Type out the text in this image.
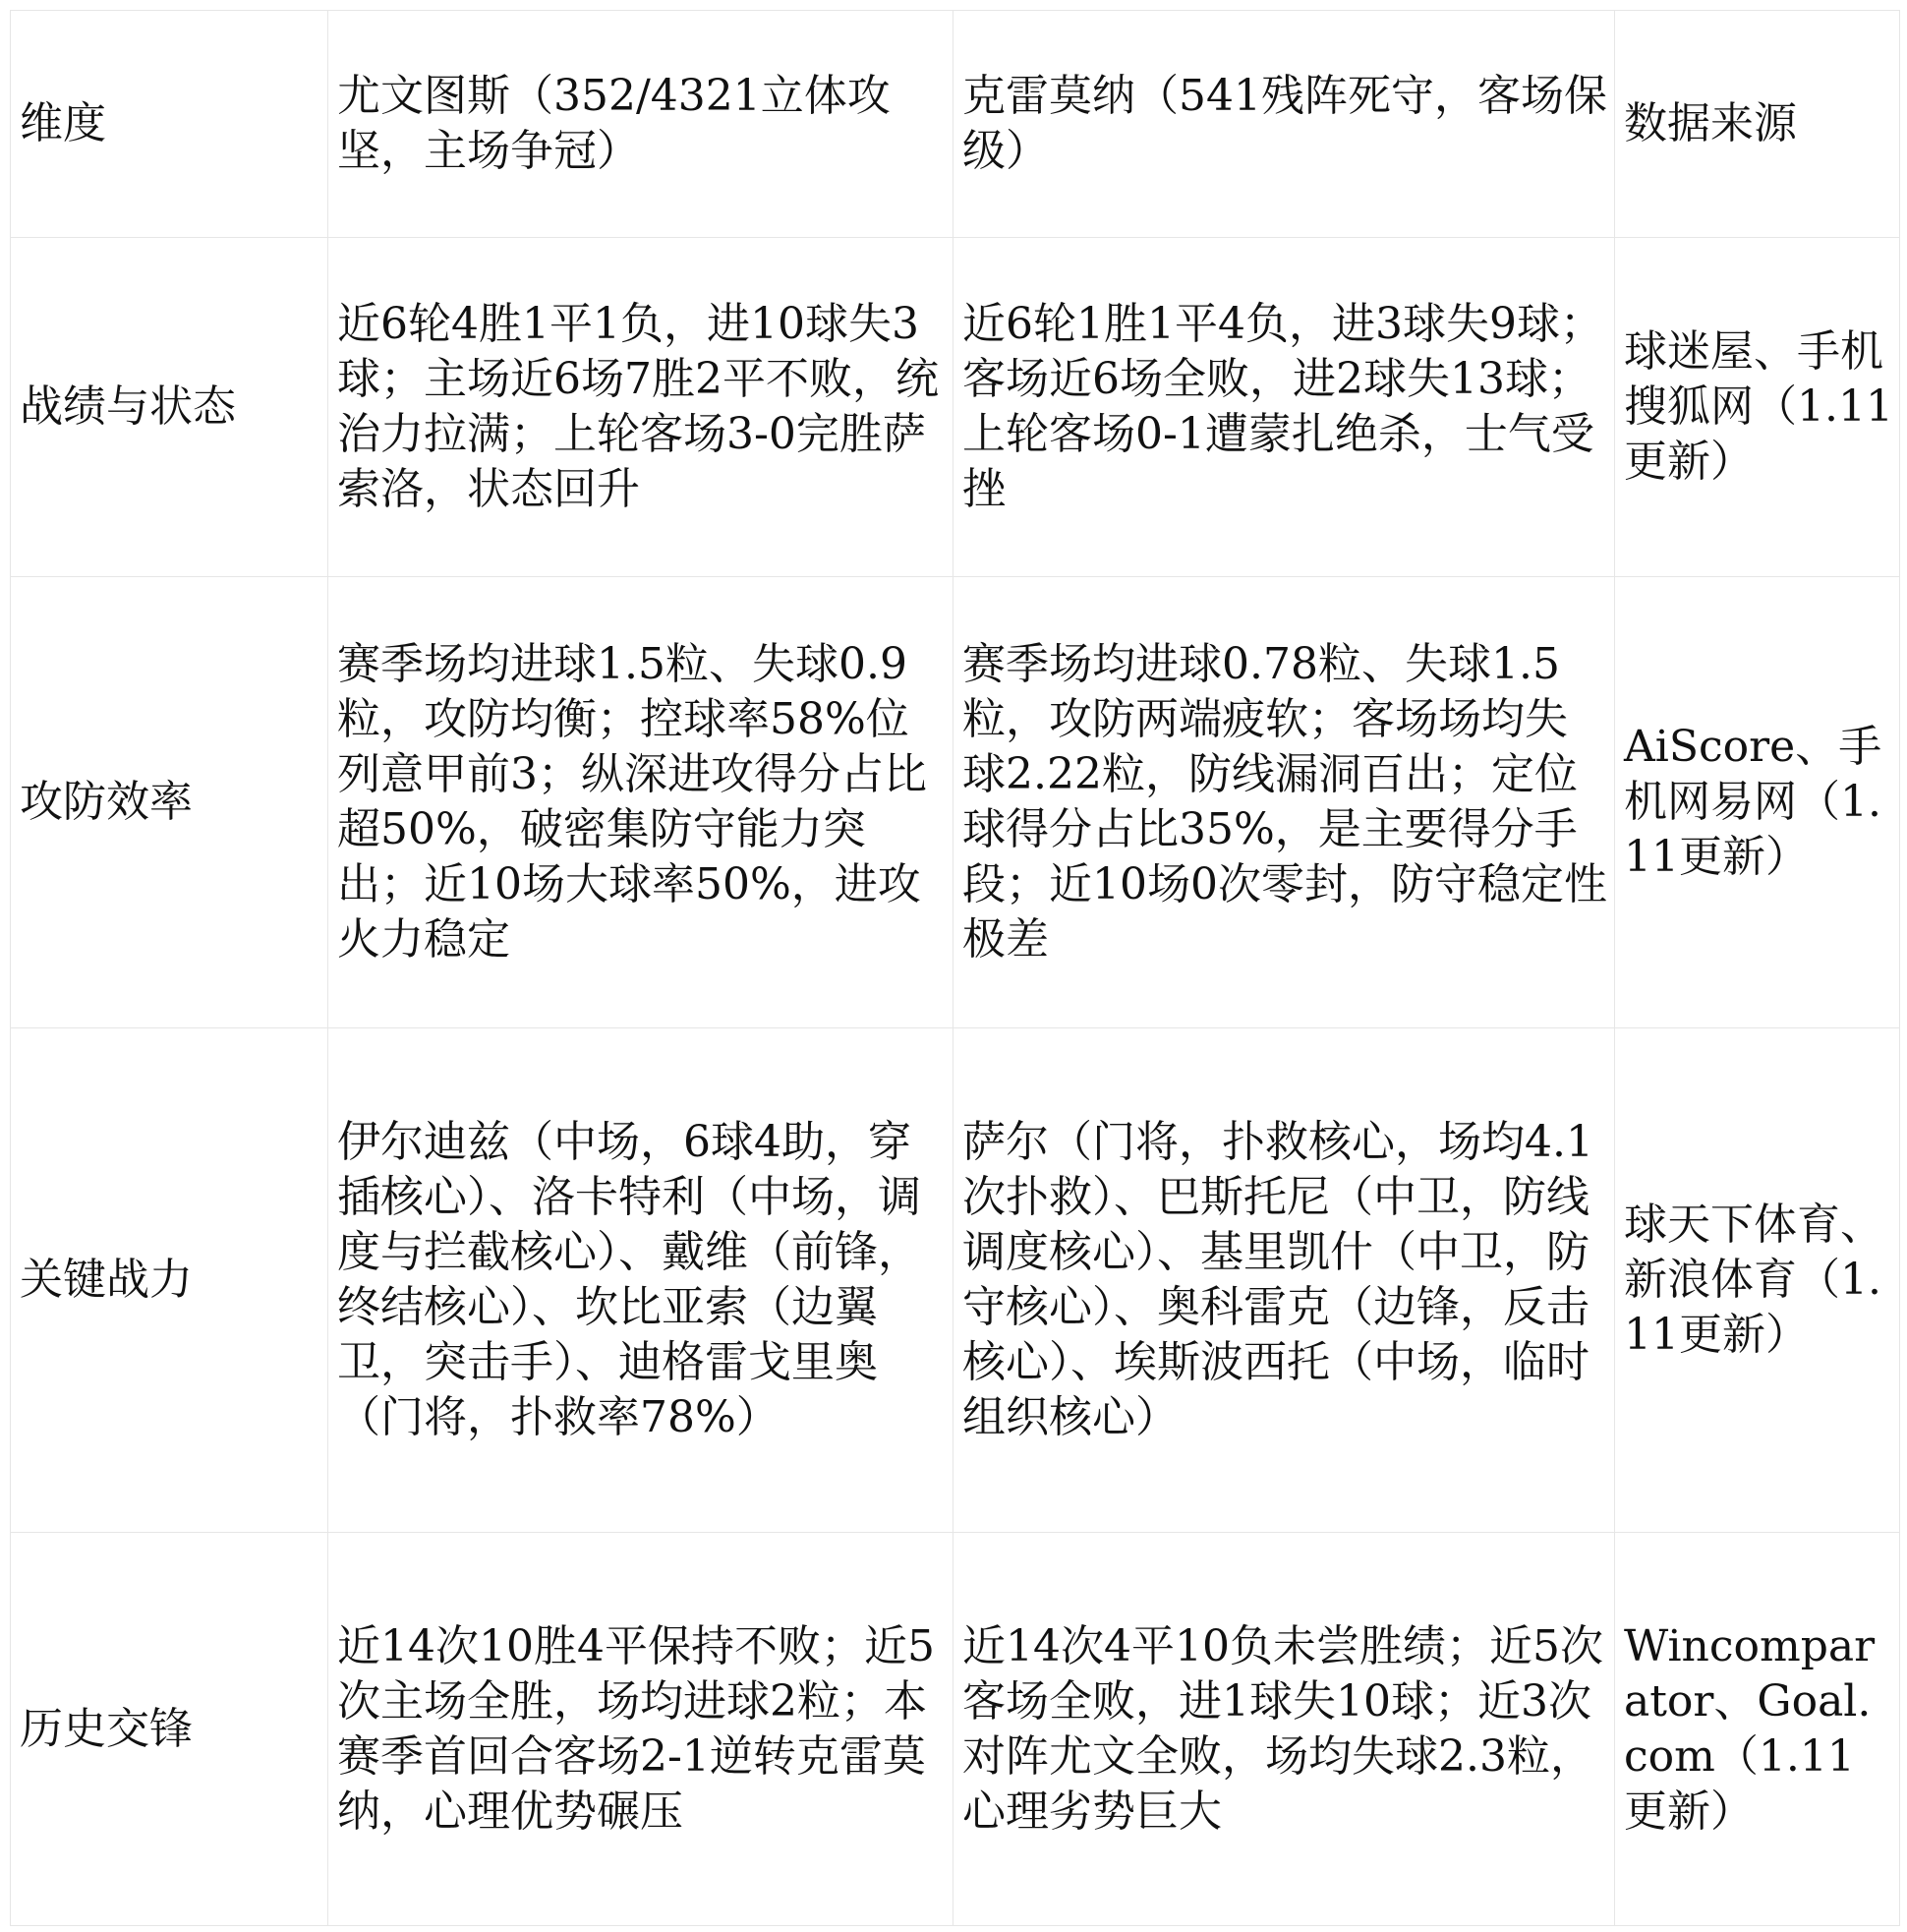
维度	尤文图斯（352/4321立体攻坚，主场争冠）	克雷莫纳（541残阵死守，客场保级）	数据来源
战绩与状态	近6轮4胜1平1负，进10球失3球；主场近6场7胜2平不败，统治力拉满；上轮客场3-0完胜萨索洛，状态回升	近6轮1胜1平4负，进3球失9球；客场近6场全败，进2球失13球；上轮客场0-1遭蒙扎绝杀，士气受挫	球迷屋、手机搜狐网（1.11更新）
攻防效率	赛季场均进球1.5粒、失球0.9粒，攻防均衡；控球率58%位列意甲前3；纵深进攻得分占比超50%，破密集防守能力突出；近10场大球率50%，进攻火力稳定	赛季场均进球0.78粒、失球1.5粒，攻防两端疲软；客场场均失球2.22粒，防线漏洞百出；定位球得分占比35%，是主要得分手段；近10场0次零封，防守稳定性极差	AiScore、手机网易网（1.11更新）
关键战力	伊尔迪兹（中场，6球4助，穿插核心）、洛卡特利（中场，调度与拦截核心）、戴维（前锋，终结核心）、坎比亚索（边翼卫，突击手）、迪格雷戈里奥（门将，扑救率78%）	萨尔（门将，扑救核心，场均4.1次扑救）、巴斯托尼（中卫，防线调度核心）、基里凯什（中卫，防守核心）、奥科雷克（边锋，反击核心）、埃斯波西托（中场，临时组织核心）	球天下体育、新浪体育（1.11更新）
历史交锋	近14次10胜4平保持不败；近5次主场全胜，场均进球2粒；本赛季首回合客场2-1逆转克雷莫纳，心理优势碾压	近14次4平10负未尝胜绩；近5次客场全败，进1球失10球；近3次对阵尤文全败，场均失球2.3粒，心理劣势巨大	Wincomparator、Goal.com（1.11更新）
